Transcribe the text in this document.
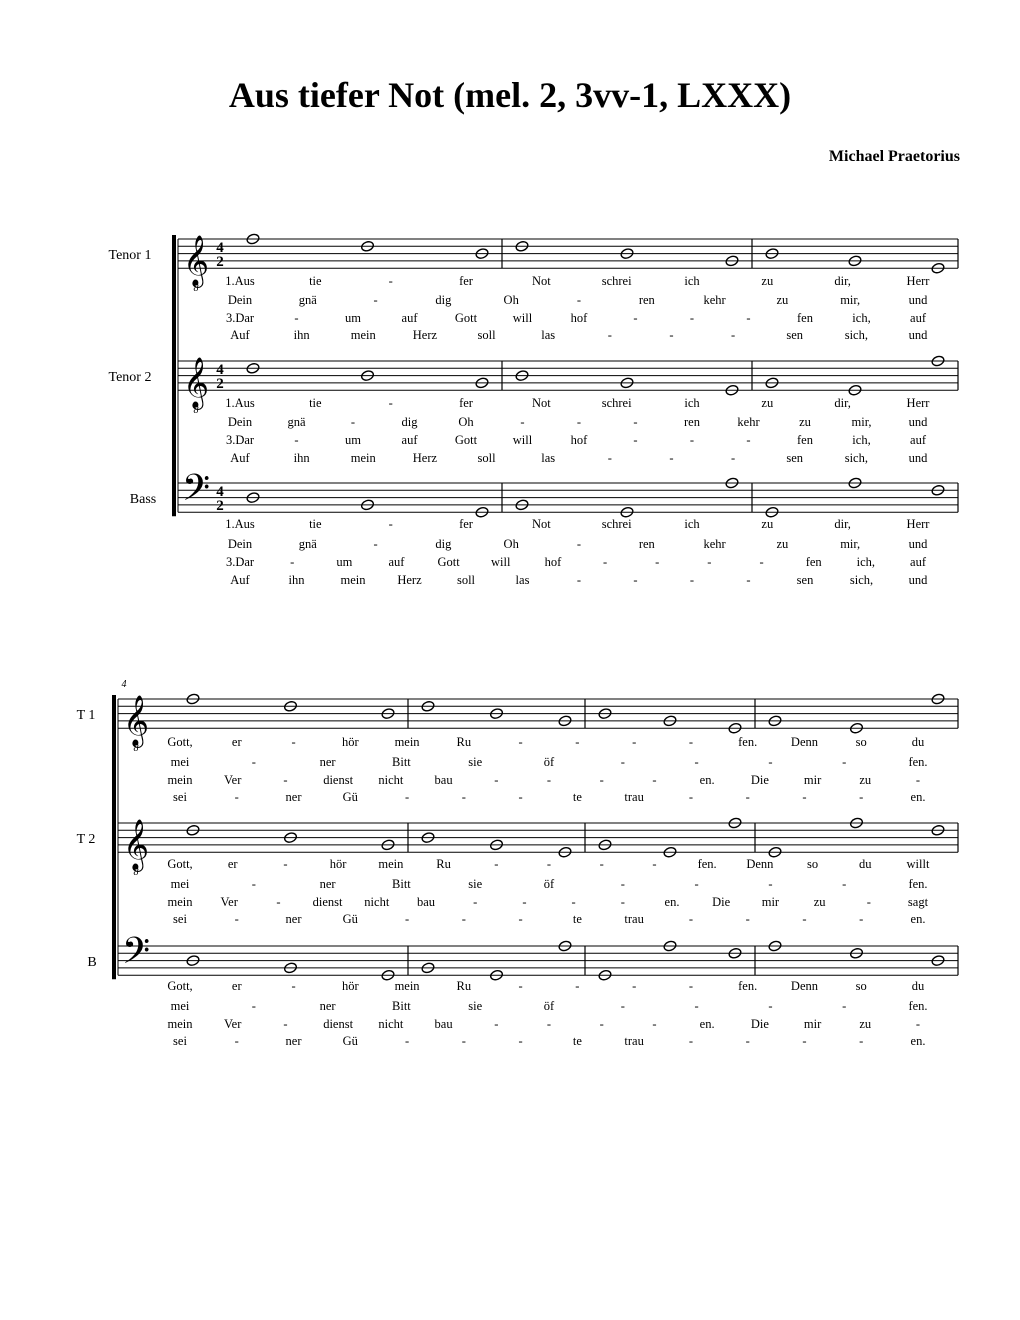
Aus tiefer Not (mel. 2, 3vv-1, LXXX)
Michael Praetorius
𝄞
8
4
2
Tenor 1
1.Aus	tie	-	fer	Not	schrei	ich	zu	dir,	Herr
Dein	gnä	-	dig	Oh	-	ren	kehr	zu	mir,	und
3.Dar	-	um	auf	Gott	will	hof	-	-	-	fen	ich,	auf
Auf	ihn	mein	Herz	soll	las	-	-	-	sen	sich,	und
𝄞
8
4
2
Tenor 2
1.Aus	tie	-	fer	Not	schrei	ich	zu	dir,	Herr
Dein	gnä	-	dig	Oh	-	-	-	ren	kehr	zu	mir,	und
3.Dar	-	um	auf	Gott	will	hof	-	-	-	fen	ich,	auf
Auf	ihn	mein	Herz	soll	las	-	-	-	sen	sich,	und
𝄢 4
2
Bass
1.Aus	tie	-	fer	Not	schrei	ich	zu	dir,	Herr
Dein	gnä	-	dig	Oh	-	ren	kehr	zu	mir,	und
3.Dar	-	um	auf	Gott	will	hof	-	-	-	-	fen	ich,	auf
Auf	ihn	mein	Herz	soll	las	-	-	-	-	sen	sich,	und
𝄞
8
T 1
Gott,	er	-	hör	mein	Ru	-	-	-	-	fen.	Denn	so	du
mei	-	ner	Bitt	sie	öf	-	-	-	-	fen.
mein	Ver	-	dienst nicht bau	-	-	-	-	en.	Die	mir	zu	-
sei	-	ner	Gü	-	-	-	te	trau	-	-	-	-	en.
𝄞
8
T 2
Gott,	er	-	hör	mein	Ru	-	-	-	-	fen. Denn	so	du	willt
mei	-	ner	Bitt	sie	öf	-	-	-	-	fen.
mein Ver	-	dienst nicht bau	-	-	-	-	en.	Die	mir	zu	-	sagt
sei	-	ner	Gü	-	-	-	te	trau	-	-	-	-	en.
𝄢
B
Gott,	er	-	hör	mein	Ru	-	-	-	-	fen.	Denn	so	du
mei	-	ner	Bitt	sie	öf	-	-	-	-	fen.
mein	Ver	-	dienst nicht bau	-	-	-	-	en.	Die	mir	zu	-
sei	-	ner	Gü	-	-	-	te	trau	-	-	-	-	en.
4
